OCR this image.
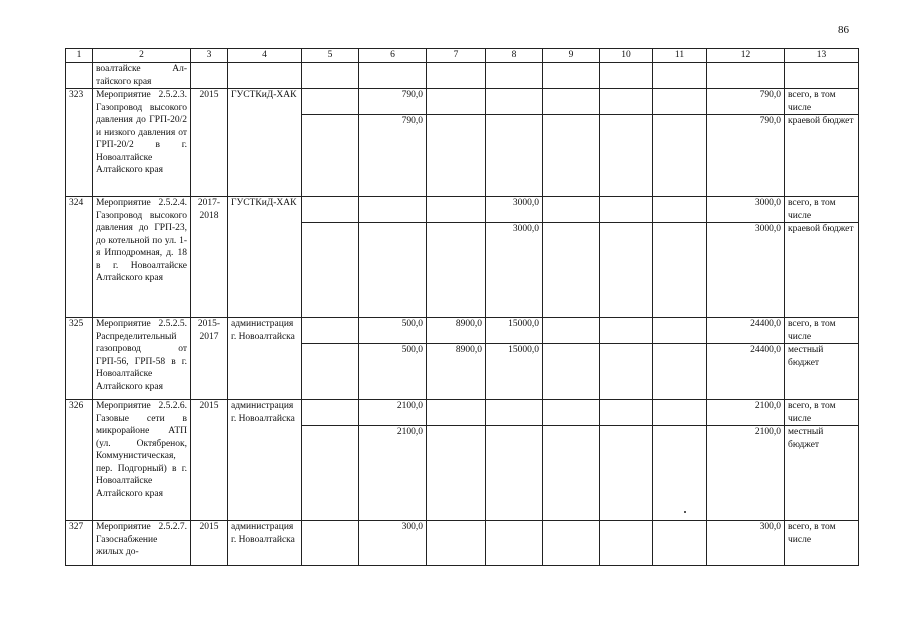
86
1	2	3	4	5	6	7	8	9	10	11	12	13
	воалтайске Ал-тайского края											
323	Мероприятие 2.5.2.3. Газопровод высокого давления до ГРП-20/2 и низкого давления от ГРП-20/2 в г. Новоалтайске Алтайского края	2015	ГУСТКиД-ХАК		790,0						790,0	всего, в том числе
					790,0						790,0	краевой бюджет
324	Мероприятие 2.5.2.4. Газопровод высокого давления до ГРП-23, до котельной по ул. 1-я Ипподромная, д. 18 в г. Новоалтайске Алтайского края	2017-2018	ГУСТКиД-ХАК				3000,0				3000,0	всего, в том числе
							3000,0				3000,0	краевой бюджет
325	Мероприятие 2.5.2.5. Распределительный газопровод от ГРП-56, ГРП-58 в г. Новоалтайске Алтайского края	2015-2017	администрация г. Новоалтайска		500,0	8900,0	15000,0				24400,0	всего, в том числе
					500,0	8900,0	15000,0				24400,0	местный бюджет
326	Мероприятие 2.5.2.6. Газовые сети в микрорайоне АТП (ул. Октябренок, Коммунистическая, пер. Подгорный) в г. Новоалтайске Алтайского края	2015	администрация г. Новоалтайска		2100,0						2100,0	всего, в том числе
					2100,0						2100,0	местный бюджет
327	Мероприятие 2.5.2.7. Газоснабжение жилых до-	2015	администрация г. Новоалтайска		300,0						300,0	всего, в том числе
